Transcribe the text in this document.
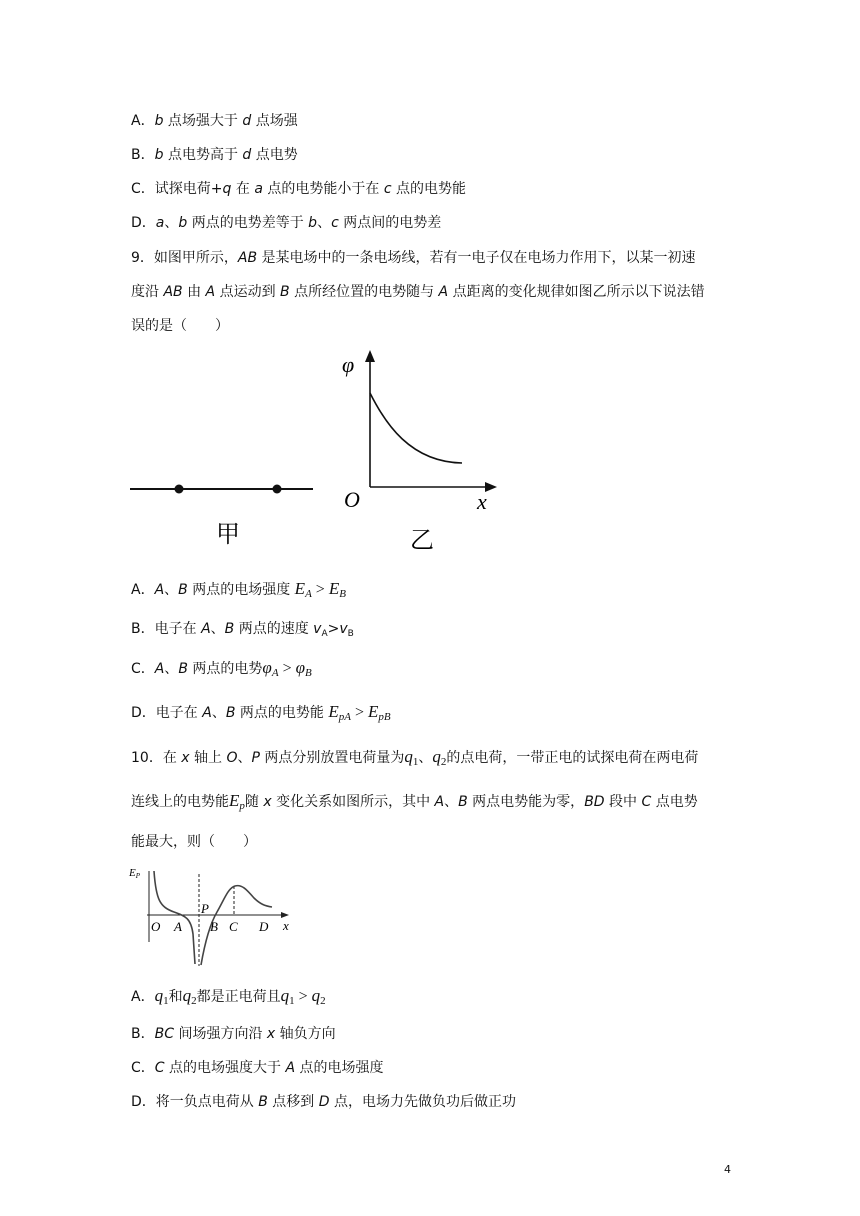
A．b 点场强大于 d 点场强
B．b 点电势高于 d 点电势
C．试探电荷+q 在 a 点的电势能小于在 c 点的电势能
D．a、b 两点的电势差等于 b、c 两点间的电势差
9．如图甲所示，AB 是某电场中的一条电场线，若有一电子仅在电场力作用下，以某一初速
度沿 AB 由 A 点运动到 B 点所经位置的电势随与 A 点距离的变化规律如图乙所示以下说法错
误的是（　　）
甲
φ
O	x
乙
A．A、B 两点的电场强度 $E_A > E_B$
B．电子在 A、B 两点的速度 $v_A>v_B$
C．A、B 两点的电势$\varphi_A > \varphi_B$
D．电子在 A、B 两点的电势能 $E_{pA} > E_{pB}$
10．在 x 轴上 O、P 两点分别放置电荷量为$q_1$、$q_2$的点电荷，一带正电的试探电荷在两电荷
连线上的电势能$E_p$随 x 变化关系如图所示，其中 A、B 两点电势能为零，BD 段中 C 点电势
能最大，则（　　）
EP
O A
P
B C D x
A．$q_1$和$q_2$都是正电荷且$q_1 > q_2$
B．BC 间场强方向沿 x 轴负方向
C．C 点的电场强度大于 A 点的电场强度
D．将一负点电荷从 B 点移到 D 点，电场力先做负功后做正功
4
